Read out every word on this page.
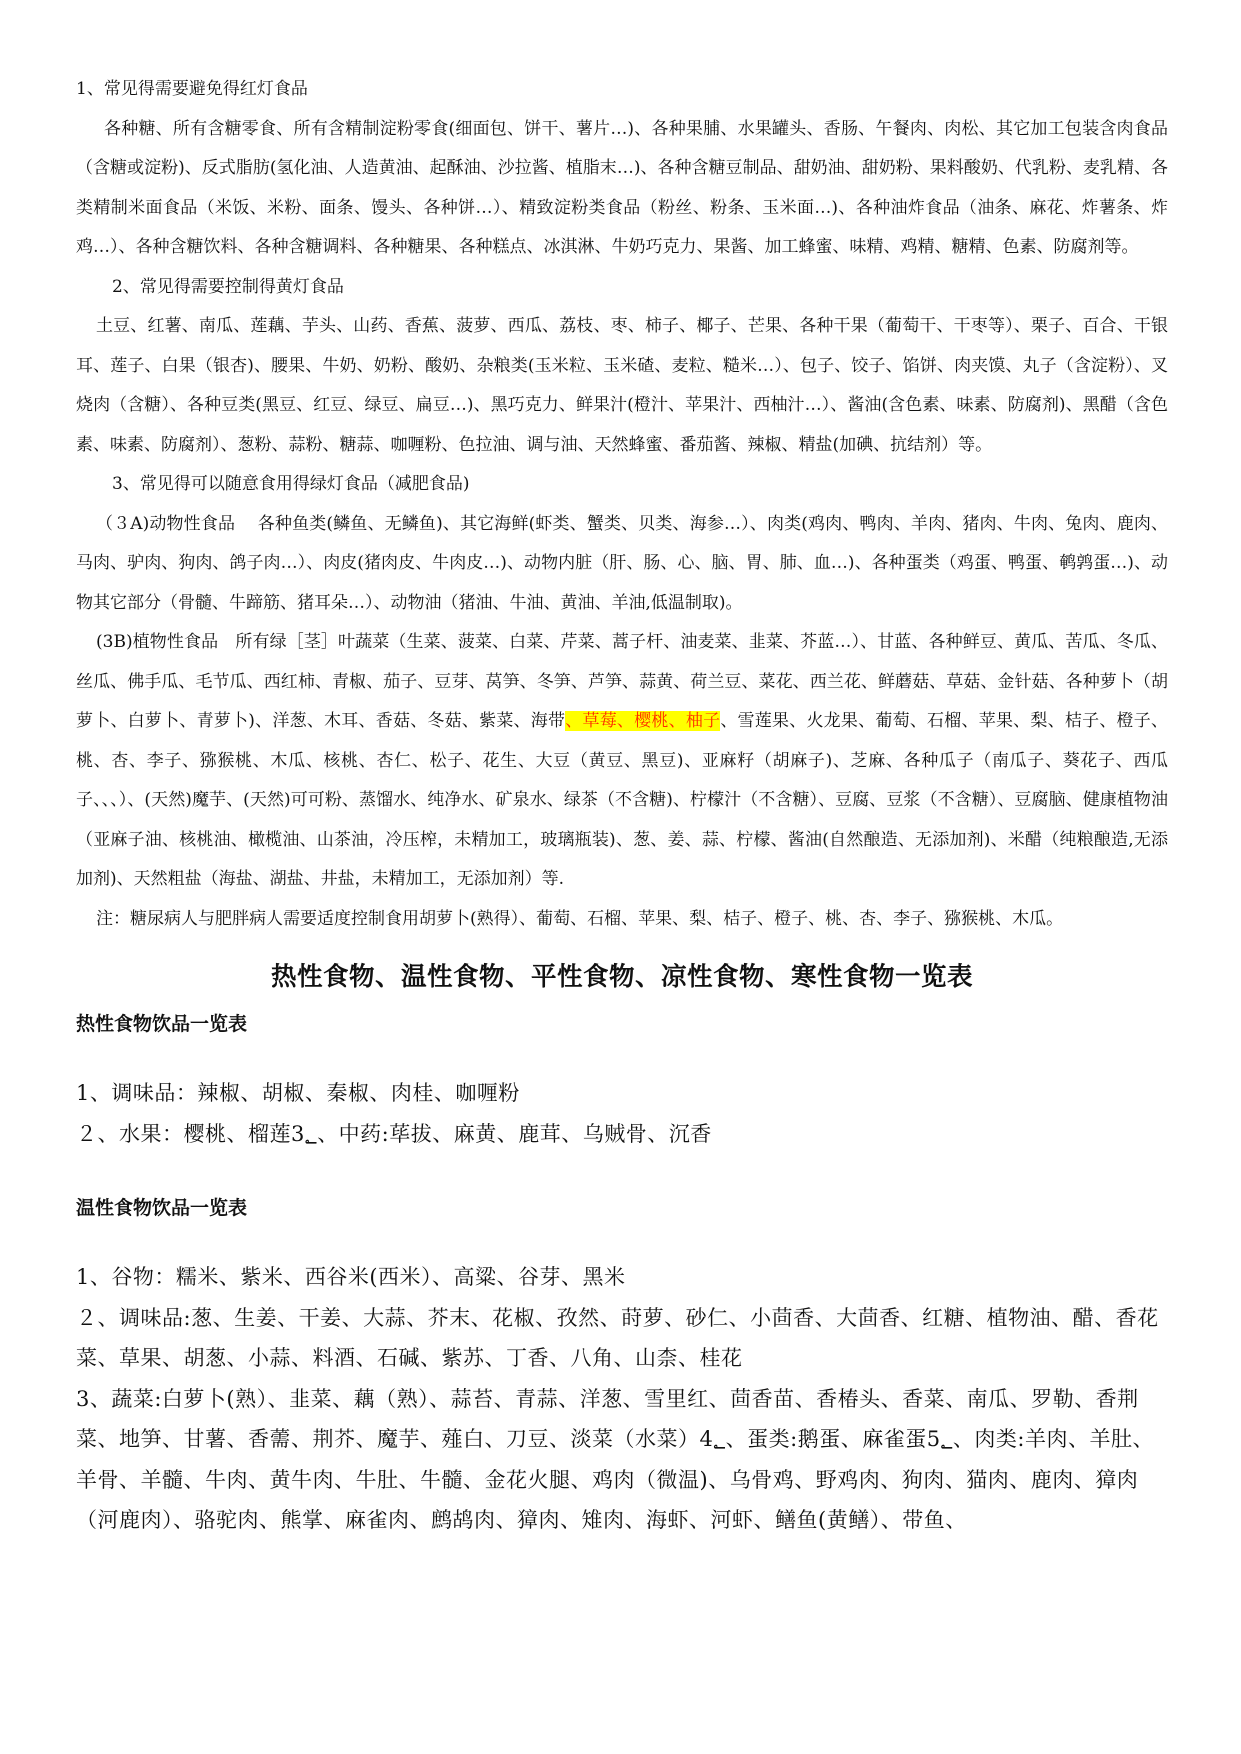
1、常见得需要避免得红灯食品

各种糖、所有含糖零食、所有含精制淀粉零食(细面包、饼干、薯片…)、各种果脯、水果罐头、香肠、午餐肉、肉松、其它加工包装含肉食品（含糖或淀粉)、反式脂肪(氢化油、人造黄油、起酥油、沙拉酱、植脂末…)、各种含糖豆制品、甜奶油、甜奶粉、果料酸奶、代乳粉、麦乳精、各类精制米面食品（米饭、米粉、面条、馒头、各种饼…）、精致淀粉类食品（粉丝、粉条、玉米面…)、各种油炸食品（油条、麻花、炸薯条、炸鸡…）、各种含糖饮料、各种含糖调料、各种糖果、各种糕点、冰淇淋、牛奶巧克力、果酱、加工蜂蜜、味精、鸡精、糖精、色素、防腐剂等。

2、常见得需要控制得黄灯食品

土豆、红薯、南瓜、莲藕、芋头、山药、香蕉、菠萝、西瓜、荔枝、枣、柿子、椰子、芒果、各种干果（葡萄干、干枣等）、栗子、百合、干银耳、莲子、白果（银杏)、腰果、牛奶、奶粉、酸奶、杂粮类(玉米粒、玉米碴、麦粒、糙米…）、包子、饺子、馅饼、肉夹馍、丸子（含淀粉）、叉烧肉（含糖）、各种豆类(黑豆、红豆、绿豆、扁豆…)、黑巧克力、鲜果汁(橙汁、苹果汁、西柚汁…）、酱油(含色素、味素、防腐剂)、黑醋（含色素、味素、防腐剂）、葱粉、蒜粉、糖蒜、咖喱粉、色拉油、调与油、天然蜂蜜、番茄酱、辣椒、精盐(加碘、抗结剂）等。

3、常见得可以随意食用得绿灯食品（减肥食品)

（３A)动物性食品　 各种鱼类(鳞鱼、无鳞鱼)、其它海鲜(虾类、蟹类、贝类、海参…）、肉类(鸡肉、鸭肉、羊肉、猪肉、牛肉、兔肉、鹿肉、马肉、驴肉、狗肉、鸽子肉…）、肉皮(猪肉皮、牛肉皮…)、动物内脏（肝、肠、心、脑、胃、肺、血…)、各种蛋类（鸡蛋、鸭蛋、鹌鹑蛋…)、动物其它部分（骨髓、牛蹄筋、猪耳朵…）、动物油（猪油、牛油、黄油、羊油,低温制取)。

(3B)植物性食品　所有绿［茎］叶蔬菜（生菜、菠菜、白菜、芹菜、蒿子杆、油麦菜、韭菜、芥蓝…）、甘蓝、各种鲜豆、黄瓜、苦瓜、冬瓜、丝瓜、佛手瓜、毛节瓜、西红柿、青椒、茄子、豆芽、莴笋、冬笋、芦笋、蒜黄、荷兰豆、菜花、西兰花、鲜蘑菇、草菇、金针菇、各种萝卜（胡萝卜、白萝卜、青萝卜)、洋葱、木耳、香菇、冬菇、紫菜、海带、草莓、樱桃、柚子、雪莲果、火龙果、葡萄、石榴、苹果、梨、桔子、橙子、桃、杏、李子、猕猴桃、木瓜、核桃、杏仁、松子、花生、大豆（黄豆、黑豆)、亚麻籽（胡麻子)、芝麻、各种瓜子（南瓜子、葵花子、西瓜子、、、）、(天然)魔芋、(天然)可可粉、蒸馏水、纯净水、矿泉水、绿茶（不含糖)、柠檬汁（不含糖）、豆腐、豆浆（不含糖）、豆腐脑、健康植物油（亚麻子油、核桃油、橄榄油、山茶油，冷压榨，未精加工，玻璃瓶装)、葱、姜、蒜、柠檬、酱油(自然酿造、无添加剂)、米醋（纯粮酿造,无添加剂)、天然粗盐（海盐、湖盐、井盐，未精加工，无添加剂）等.

注：糖尿病人与肥胖病人需要适度控制食用胡萝卜(熟得）、葡萄、石榴、苹果、梨、桔子、橙子、桃、杏、李子、猕猴桃、木瓜。

热性食物、温性食物、平性食物、凉性食物、寒性食物一览表
热性食物饮品一览表

1、调味品：辣椒、胡椒、秦椒、肉桂、咖喱粉

２、水果：樱桃、榴莲3؂、中药:荜拔、麻黄、鹿茸、乌贼骨、沉香

温性食物饮品一览表

1、谷物：糯米、紫米、西谷米(西米）、高粱、谷芽、黑米

２、调味品:葱、生姜、干姜、大蒜、芥末、花椒、孜然、莳萝、砂仁、小茴香、大茴香、红糖、植物油、醋、香花菜、草果、胡葱、小蒜、料酒、石碱、紫苏、丁香、八角、山柰、桂花

3、蔬菜:白萝卜(熟）、韭菜、藕（熟）、蒜苔、青蒜、洋葱、雪里红、茴香苗、香椿头、香菜、南瓜、罗勒、香荆菜、地笋、甘薯、香薷、荆芥、魔芋、薤白、刀豆、淡菜（水菜）4؂、蛋类:鹅蛋、麻雀蛋5؂、肉类:羊肉、羊肚、羊骨、羊髓、牛肉、黄牛肉、牛肚、牛髓、金花火腿、鸡肉（微温)、乌骨鸡、野鸡肉、狗肉、猫肉、鹿肉、獐肉（河鹿肉）、骆驼肉、熊掌、麻雀肉、鹧鸪肉、獐肉、雉肉、海虾、河虾、鳝鱼(黄鳝）、带鱼、
